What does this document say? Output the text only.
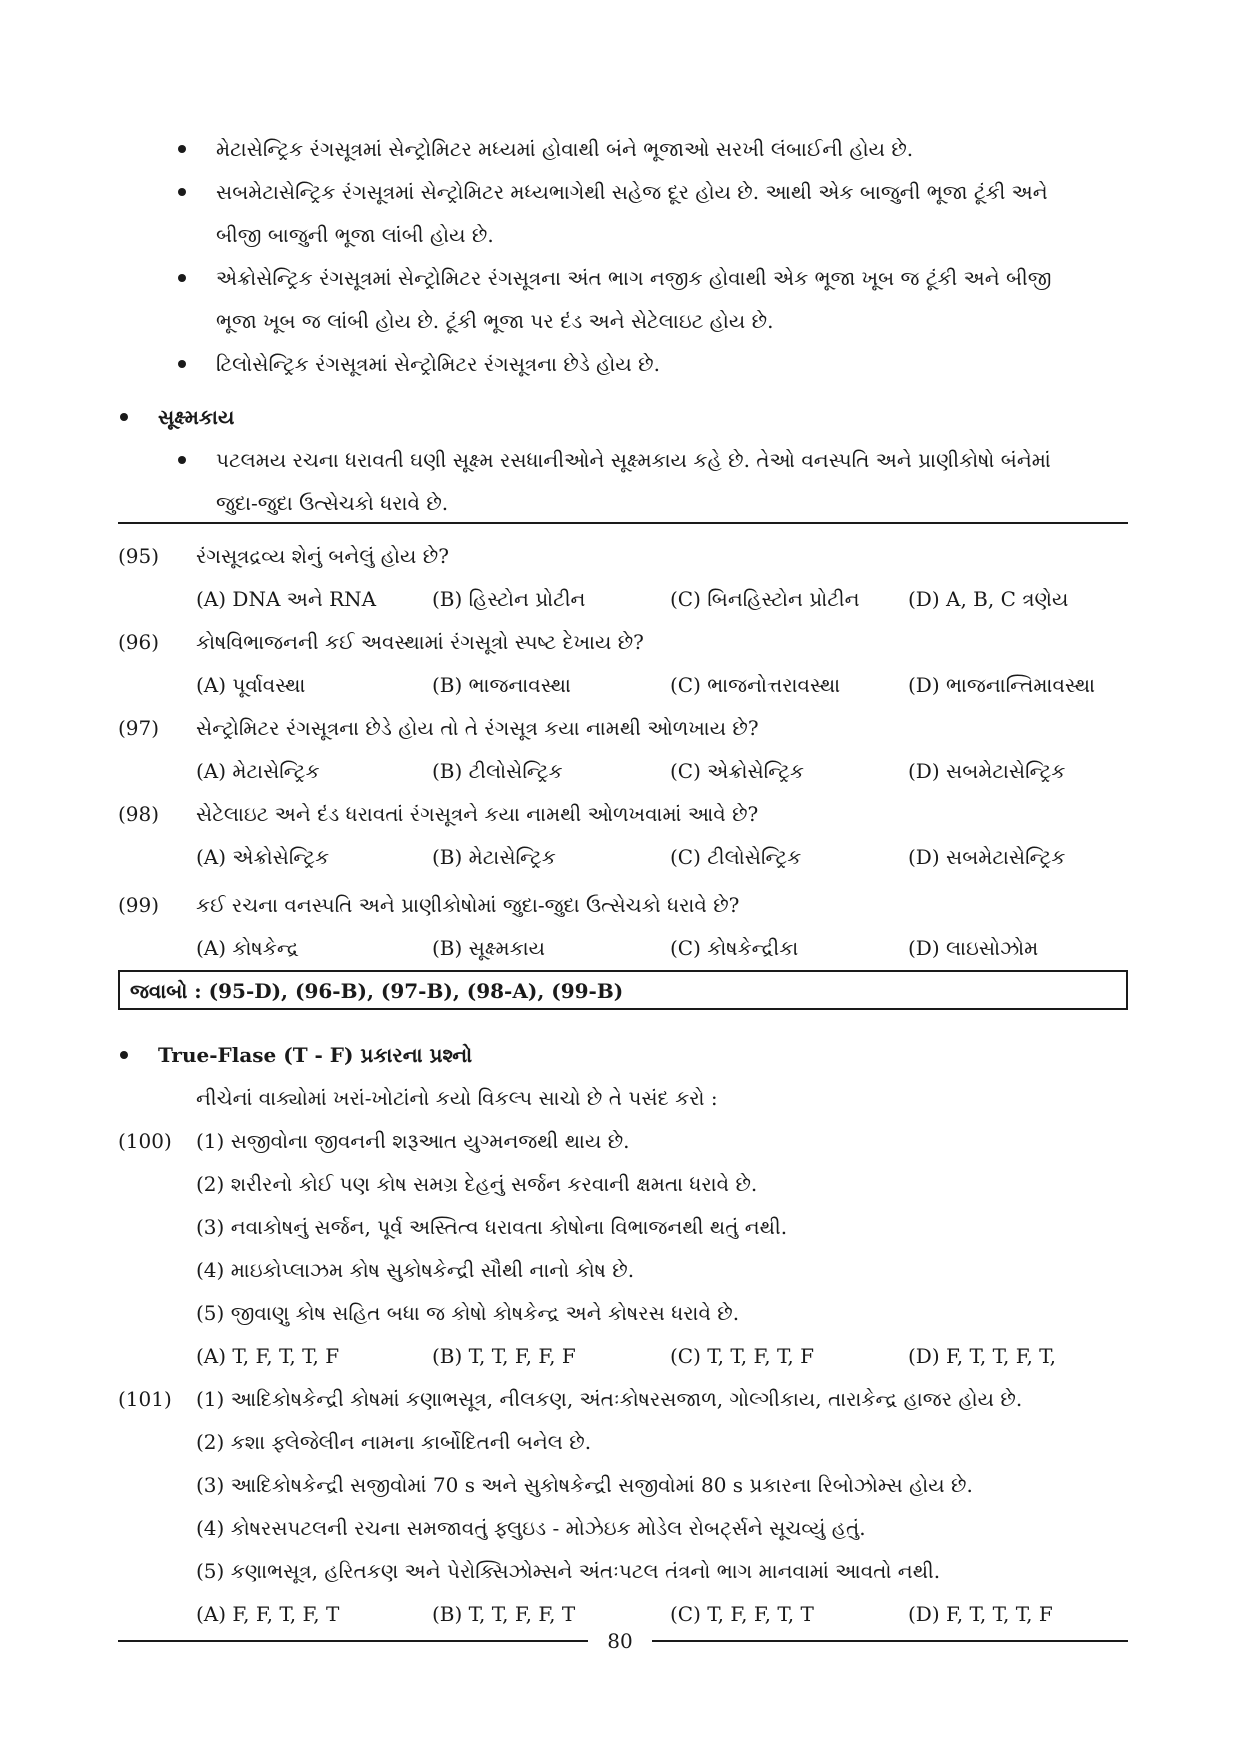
મેટાસેન્ટ્રિક રંગસૂત્રમાં સેન્ટ્રોમિટર મધ્યમાં હોવાથી બંને ભૂજાઓ સરખી લંબાઈની હોય છે.
સબમેટાસેન્ટ્રિક રંગસૂત્રમાં સેન્ટ્રોમિટર મધ્યભાગેથી સહેજ દૂર હોય છે. આથી એક બાજુની ભૂજા ટૂંકી અને
બીજી બાજુની ભૂજા લાંબી હોય છે.
એક્રોસેન્ટ્રિક રંગસૂત્રમાં સેન્ટ્રોમિટર રંગસૂત્રના અંત ભાગ નજીક હોવાથી એક ભૂજા ખૂબ જ ટૂંકી અને બીજી
ભૂજા ખૂબ જ લાંબી હોય છે. ટૂંકી ભૂજા પર દંડ અને સેટેલાઇટ હોય છે.
ટિલોસેન્ટ્રિક રંગસૂત્રમાં સેન્ટ્રોમિટર રંગસૂત્રના છેડે હોય છે.
સૂક્ષ્મકાય
પટલમય રચના ધરાવતી ઘણી સૂક્ષ્મ રસધાનીઓને સૂક્ષ્મકાય કહે છે. તેઓ વનસ્પતિ અને પ્રાણીકોષો બંનેમાં
જુદા-જુદા ઉત્સેચકો ધરાવે છે.
(95) રંગસૂત્રદ્રવ્ય શેનું બનેલું હોય છે?
(A) DNA અને RNA	(B) હિસ્ટોન પ્રોટીન	(C) બિનહિસ્ટોન પ્રોટીન (D) A, B, C ત્રણેય
(96) કોષવિભાજનની કઈ અવસ્થામાં રંગસૂત્રો સ્પષ્ટ દેખાય છે?
(A) પૂર્વાવસ્થા	(B) ભાજનાવસ્થા	(C) ભાજનોત્તરાવસ્થા	(D) ભાજનાન્તિમાવસ્થા
(97) સેન્ટ્રોમિટર રંગસૂત્રના છેડે હોય તો તે રંગસૂત્ર કયા નામથી ઓળખાય છે?
(A) મેટાસેન્ટ્રિક	(B) ટીલોસેન્ટ્રિક	(C) એક્રોસેન્ટ્રિક	(D) સબમેટાસેન્ટ્રિક
(98) સેટેલાઇટ અને દંડ ધરાવતાં રંગસૂત્રને કયા નામથી ઓળખવામાં આવે છે?
(A) એક્રોસેન્ટ્રિક	(B) મેટાસેન્ટ્રિક	(C) ટીલોસેન્ટ્રિક	(D) સબમેટાસેન્ટ્રિક
(99) કઈ રચના વનસ્પતિ અને પ્રાણીકોષોમાં જુદા-જુદા ઉત્સેચકો ધરાવે છે?
(A) કોષકેન્દ્ર	(B) સૂક્ષ્મકાય	(C) કોષકેન્દ્રીકા	(D) લાઇસોઝોમ
જવાબો : (95-D), (96-B), (97-B), (98-A), (99-B)
True-Flase (T - F) પ્રકારના પ્રશ્નો
નીચેનાં વાક્યોમાં ખરાં-ખોટાંનો કયો વિકલ્પ સાચો છે તે પસંદ કરો :
(100) (1) સજીવોના જીવનની શરૂઆત યુગ્મનજથી થાય છે.
(2) શરીરનો કોઈ પણ કોષ સમગ્ર દેહનું સર્જન કરવાની ક્ષમતા ધરાવે છે.
(3) નવાકોષનું સર્જન, પૂર્વ અસ્તિત્વ ધરાવતા કોષોના વિભાજનથી થતું નથી.
(4) માઇકોપ્લાઝમ કોષ સુકોષકેન્દ્રી સૌથી નાનો કોષ છે.
(5) જીવાણુ કોષ સહિત બધા જ કોષો કોષકેન્દ્ર અને કોષરસ ધરાવે છે.
(A) T, F, T, T, F	(B) T, T, F, F, F	(C) T, T, F, T, F	(D) F, T, T, F, T,
(101) (1) આદિકોષકેન્દ્રી કોષમાં કણાભસૂત્ર, નીલકણ, અંતઃકોષરસજાળ, ગોલ્ગીકાય, તારાકેન્દ્ર હાજર હોય છે.
(2) કશા ફ્લેજેલીન નામના કાર્બોદિતની બનેલ છે.
(3) આદિકોષકેન્દ્રી સજીવોમાં 70 s અને સુકોષકેન્દ્રી સજીવોમાં 80 s પ્રકારના રિબોઝોમ્સ હોય છે.
(4) કોષરસપટલની રચના સમજાવતું ફ્લુઇડ - મોઝેઇક મોડેલ રોબર્ટ્સને સૂચવ્યું હતું.
(5) કણાભસૂત્ર, હરિતકણ અને પેરોક્સિઝોમ્સને અંતઃપટલ તંત્રનો ભાગ માનવામાં આવતો નથી.
(A) F, F, T, F, T	(B) T, T, F, F, T	(C) T, F, F, T, T	(D) F, T, T, T, F
80
